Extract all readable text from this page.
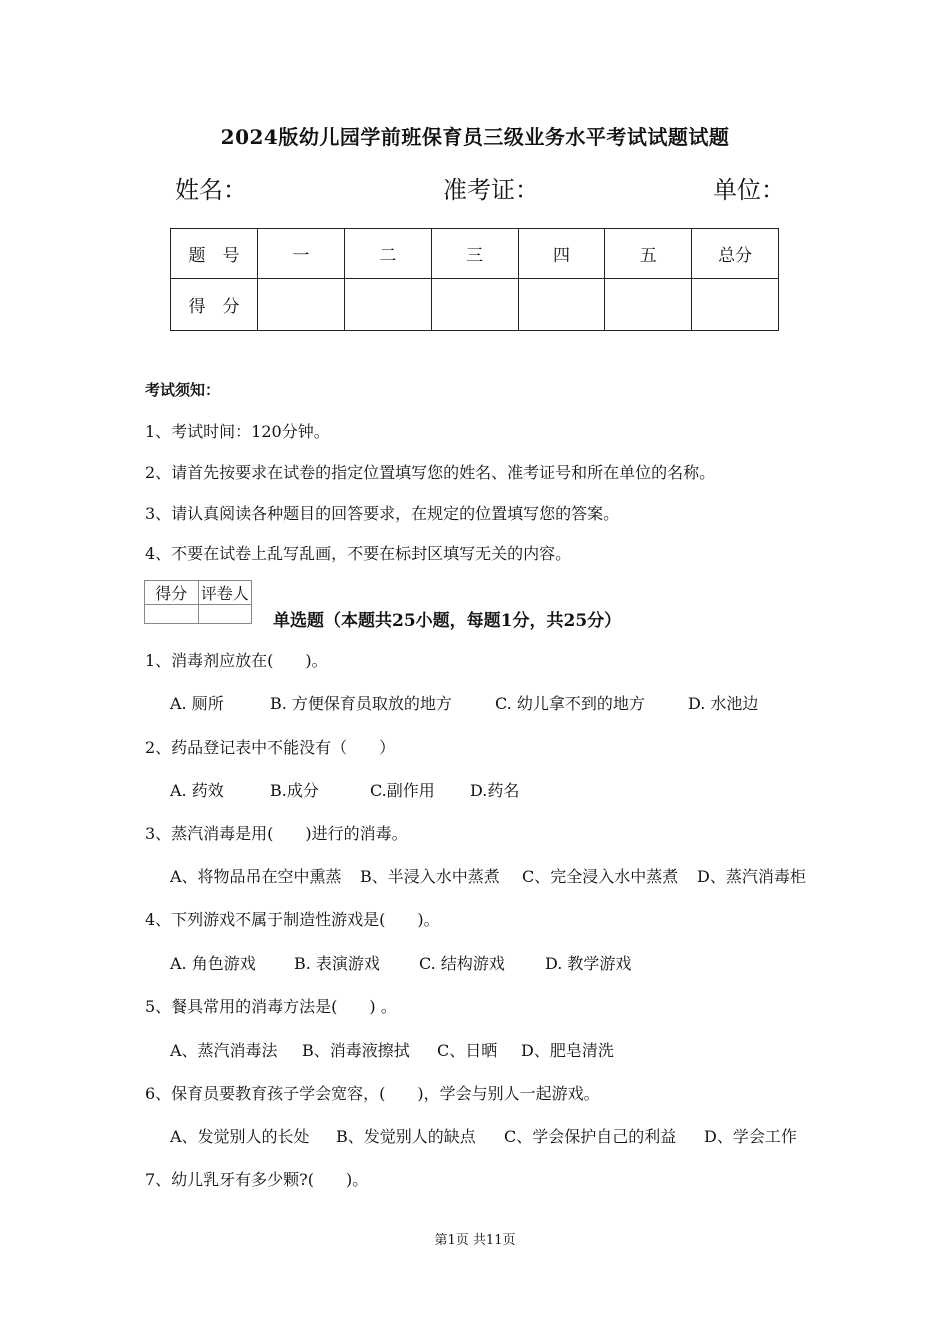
2024版幼儿园学前班保育员三级业务水平考试试题试题
姓名：	准考证：	单位：
题　号	一	二	三	四	五	总分
得　分						
考试须知：
1、考试时间：120分钟。
2、请首先按要求在试卷的指定位置填写您的姓名、准考证号和所在单位的名称。
3、请认真阅读各种题目的回答要求，在规定的位置填写您的答案。
4、不要在试卷上乱写乱画，不要在标封区填写无关的内容。
得分	评卷人

单选题（本题共25小题，每题1分，共25分）
1、消毒剂应放在(　　)。
A. 厕所	B. 方便保育员取放的地方	C. 幼儿拿不到的地方	D. 水池边
2、药品登记表中不能没有（　　）
A. 药效	B.成分	C.副作用 D.药名
3、蒸汽消毒是用(　　)进行的消毒。
A、将物品吊在空中熏蒸 B、半浸入水中蒸煮 C、完全浸入水中蒸煮 D、蒸汽消毒柜
4、下列游戏不属于制造性游戏是(　　)。
A. 角色游戏 B. 表演游戏 C. 结构游戏	D. 教学游戏
5、餐具常用的消毒方法是(　　) 。
A、蒸汽消毒法 B、消毒液擦拭 C、日晒 D、肥皂清洗
6、保育员要教育孩子学会宽容，(　　)，学会与别人一起游戏。
A、发觉别人的长处 B、发觉别人的缺点 C、学会保护自己的利益 D、学会工作
7、幼儿乳牙有多少颗?(　　)。
第1页 共11页
